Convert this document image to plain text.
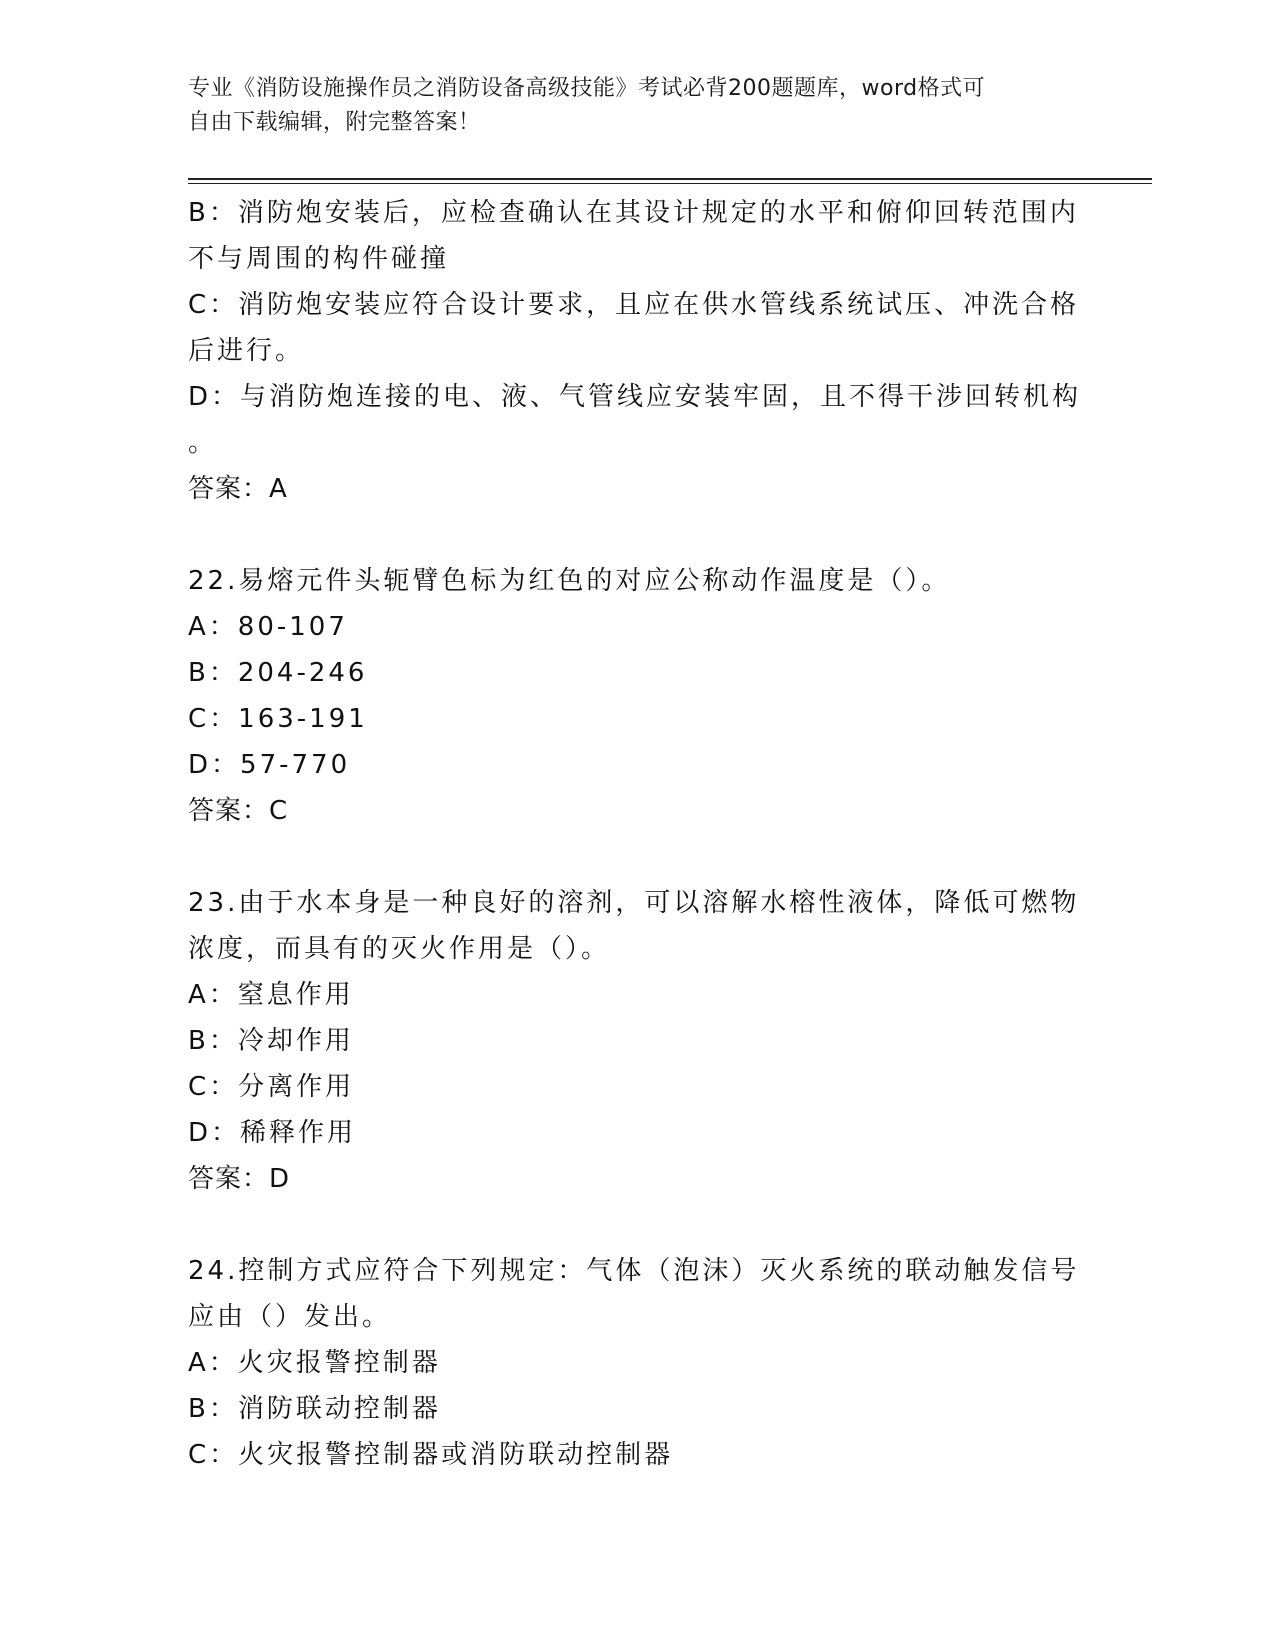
专业《消防设施操作员之消防设备高级技能》考试必背200题题库，word格式可
自由下载编辑，附完整答案！
B：消防炮安装后，应检查确认在其设计规定的水平和俯仰回转范围内
不与周围的构件碰撞
C：消防炮安装应符合设计要求，且应在供水管线系统试压、冲洗合格
后进行。
D：与消防炮连接的电、液、气管线应安装牢固，且不得干涉回转机构
。
答案：A
22.易熔元件头轭臂色标为红色的对应公称动作温度是（）。
A：80-107
B：204-246
C：163-191
D：57-770
答案：C
23.由于水本身是一种良好的溶剂，可以溶解水榕性液体，降低可燃物
浓度，而具有的灭火作用是（）。
A：窒息作用
B：冷却作用
C：分离作用
D：稀释作用
答案：D
24.控制方式应符合下列规定：气体（泡沫）灭火系统的联动触发信号
应由（）发出。
A：火灾报警控制器
B：消防联动控制器
C：火灾报警控制器或消防联动控制器
